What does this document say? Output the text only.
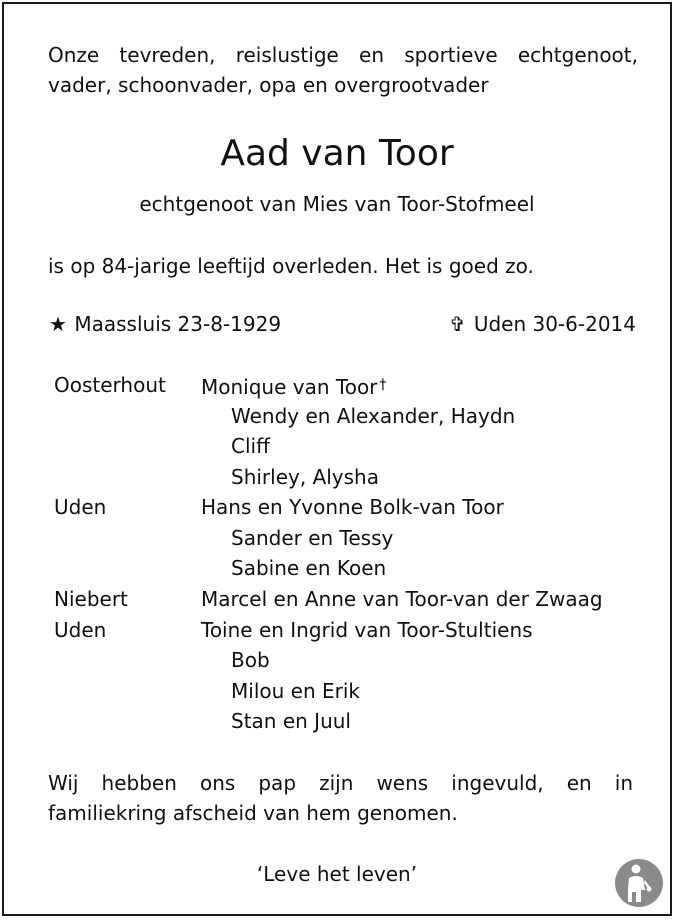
Onze tevreden, reislustige en sportieve echtgenoot,
vader, schoonvader, opa en overgrootvader
Aad van Toor
echtgenoot van Mies van Toor-Stofmeel
is op 84-jarige leeftijd overleden. Het is goed zo.
★ Maassluis 23-8-1929	✞ Uden 30-6-2014
Oosterhout Monique van Toor †
Wendy en Alexander, Haydn
Cliff
Shirley, Alysha
Uden	Hans en Yvonne Bolk-van Toor
Sander en Tessy
Sabine en Koen
Niebert	Marcel en Anne van Toor-van der Zwaag
Uden	Toine en Ingrid van Toor-Stultiens
Bob
Milou en Erik
Stan en Juul
Wij hebben ons pap zijn wens ingevuld, en in
familiekring afscheid van hem genomen.
‘Leve het leven’
